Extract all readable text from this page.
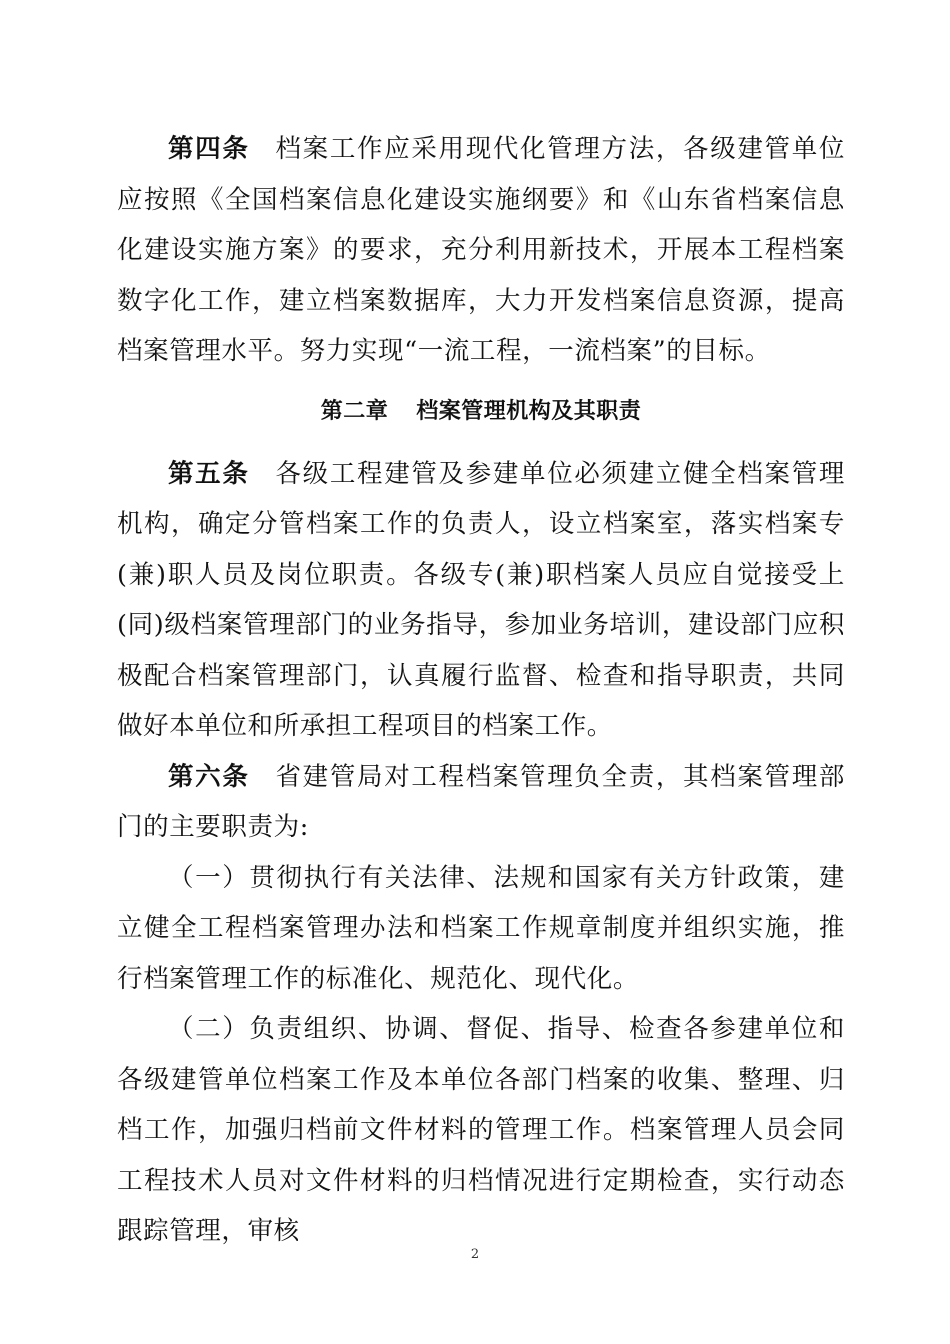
第四条 档案工作应采用现代化管理方法，各级建管单位应按照《全国档案信息化建设实施纲要》和《山东省档案信息化建设实施方案》的要求，充分利用新技术，开展本工程档案数字化工作，建立档案数据库，大力开发档案信息资源，提高档案管理水平。努力实现“一流工程，一流档案”的目标。

第二章 档案管理机构及其职责

第五条 各级工程建管及参建单位必须建立健全档案管理机构，确定分管档案工作的负责人，设立档案室，落实档案专(兼)职人员及岗位职责。各级专(兼)职档案人员应自觉接受上(同)级档案管理部门的业务指导，参加业务培训，建设部门应积极配合档案管理部门，认真履行监督、检查和指导职责，共同做好本单位和所承担工程项目的档案工作。

第六条 省建管局对工程档案管理负全责，其档案管理部门的主要职责为:

（一）贯彻执行有关法律、法规和国家有关方针政策，建立健全工程档案管理办法和档案工作规章制度并组织实施，推行档案管理工作的标准化、规范化、现代化。

（二）负责组织、协调、督促、指导、检查各参建单位和各级建管单位档案工作及本单位各部门档案的收集、整理、归档工作，加强归档前文件材料的管理工作。档案管理人员会同工程技术人员对文件材料的归档情况进行定期检查，实行动态跟踪管理，审核

2
